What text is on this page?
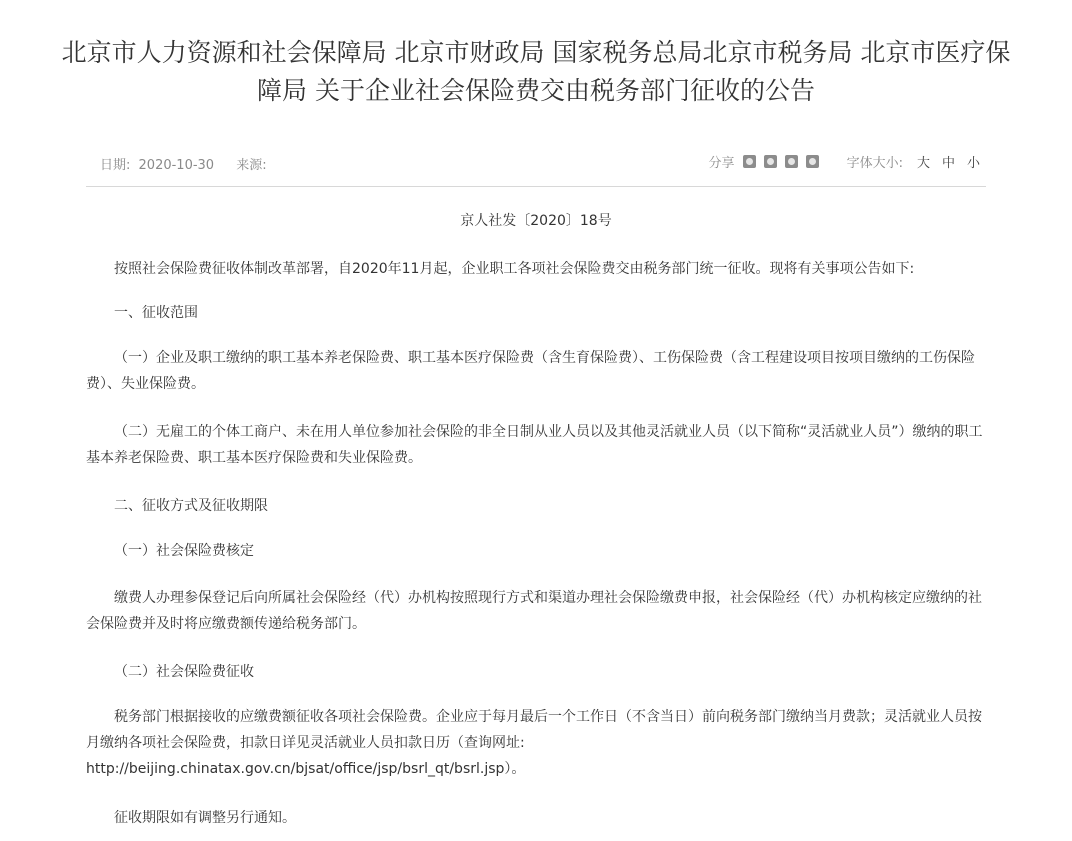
北京市人力资源和社会保障局 北京市财政局 国家税务总局北京市税务局 北京市医疗保障局 关于企业社会保险费交由税务部门征收的公告
日期: 2020-10-30 来源:	分享	字体大小: 大 中 小
京人社发〔2020〕18号

按照社会保险费征收体制改革部署，自2020年11月起，企业职工各项社会保险费交由税务部门统一征收。现将有关事项公告如下:

一、征收范围

（一）企业及职工缴纳的职工基本养老保险费、职工基本医疗保险费（含生育保险费）、工伤保险费（含工程建设项目按项目缴纳的工伤保险费）、失业保险费。

（二）无雇工的个体工商户、未在用人单位参加社会保险的非全日制从业人员以及其他灵活就业人员（以下简称“灵活就业人员”）缴纳的职工基本养老保险费、职工基本医疗保险费和失业保险费。

二、征收方式及征收期限

（一）社会保险费核定

缴费人办理参保登记后向所属社会保险经（代）办机构按照现行方式和渠道办理社会保险缴费申报，社会保险经（代）办机构核定应缴纳的社会保险费并及时将应缴费额传递给税务部门。

（二）社会保险费征收

税务部门根据接收的应缴费额征收各项社会保险费。企业应于每月最后一个工作日（不含当日）前向税务部门缴纳当月费款；灵活就业人员按月缴纳各项社会保险费，扣款日详见灵活就业人员扣款日历（查询网址:
http://beijing.chinatax.gov.cn/bjsat/office/jsp/bsrl_qt/bsrl.jsp）。

征收期限如有调整另行通知。
